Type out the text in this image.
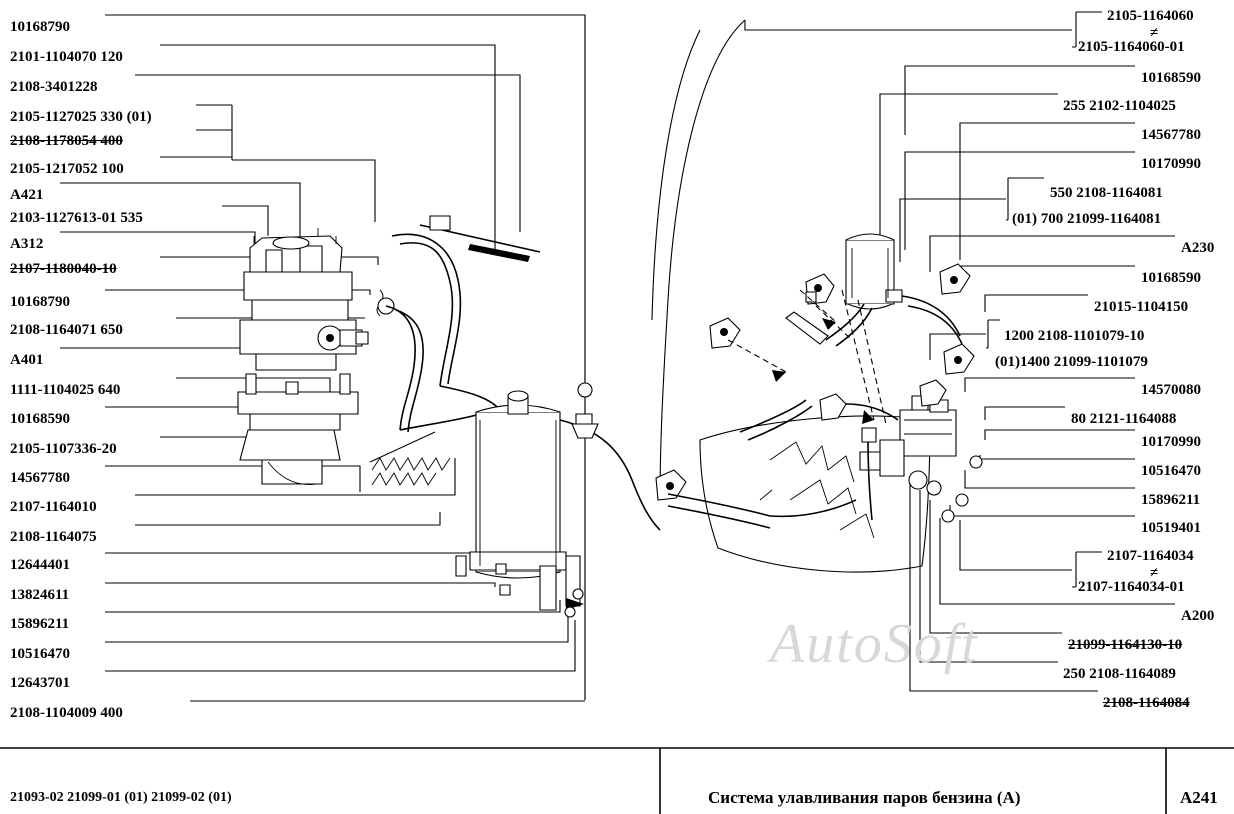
AutoSoft
10168790
2101-1104070 120
2108-3401228
2105-1127025 330 (01)
2108-1178054 400
2105-1217052 100
А421
2103-1127613-01 535
А312
2107-1180040-10
10168790
2108-1164071 650
А401
1111-1104025 640
10168590
2105-1107336-20
14567780
2107-1164010
2108-1164075
12644401
13824611
15896211
10516470
12643701
2108-1104009 400
2105-1164060
≠
2105-1164060-01
10168590
255 2102-1104025
14567780
10170990
550 2108-1164081
(01) 700 21099-1164081
А230
10168590
21015-1104150
1200 2108-1101079-10
(01)1400 21099-1101079
14570080
80 2121-1164088
10170990
10516470
15896211
10519401
2107-1164034
≠
2107-1164034-01
А200
21099-1164130-10
250 2108-1164089
2108-1164084
21093-02 21099-01 (01) 21099-02 (01)	Система улавливания паров бензина (А)	A241
